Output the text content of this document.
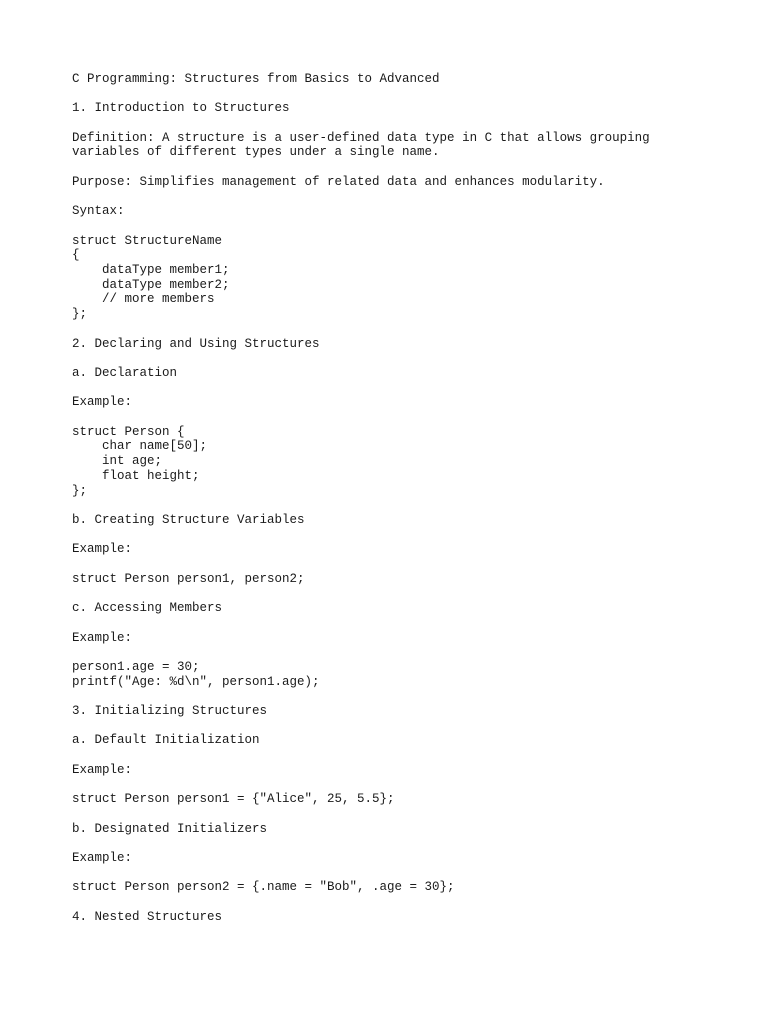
C Programming: Structures from Basics to Advanced
1. Introduction to Structures
Definition: A structure is a user-defined data type in C that allows grouping
variables of different types under a single name.
Purpose: Simplifies management of related data and enhances modularity.
Syntax:
struct StructureName
{
dataType member1;
dataType member2;
// more members
};
2. Declaring and Using Structures
a. Declaration
Example:
struct Person {
char name[50];
int age;
float height;
};
b. Creating Structure Variables
Example:
struct Person person1, person2;
c. Accessing Members
Example:
person1.age = 30;
printf("Age: %d\n", person1.age);
3. Initializing Structures
a. Default Initialization
Example:
struct Person person1 = {"Alice", 25, 5.5};
b. Designated Initializers
Example:
struct Person person2 = {.name = "Bob", .age = 30};
4. Nested Structures
